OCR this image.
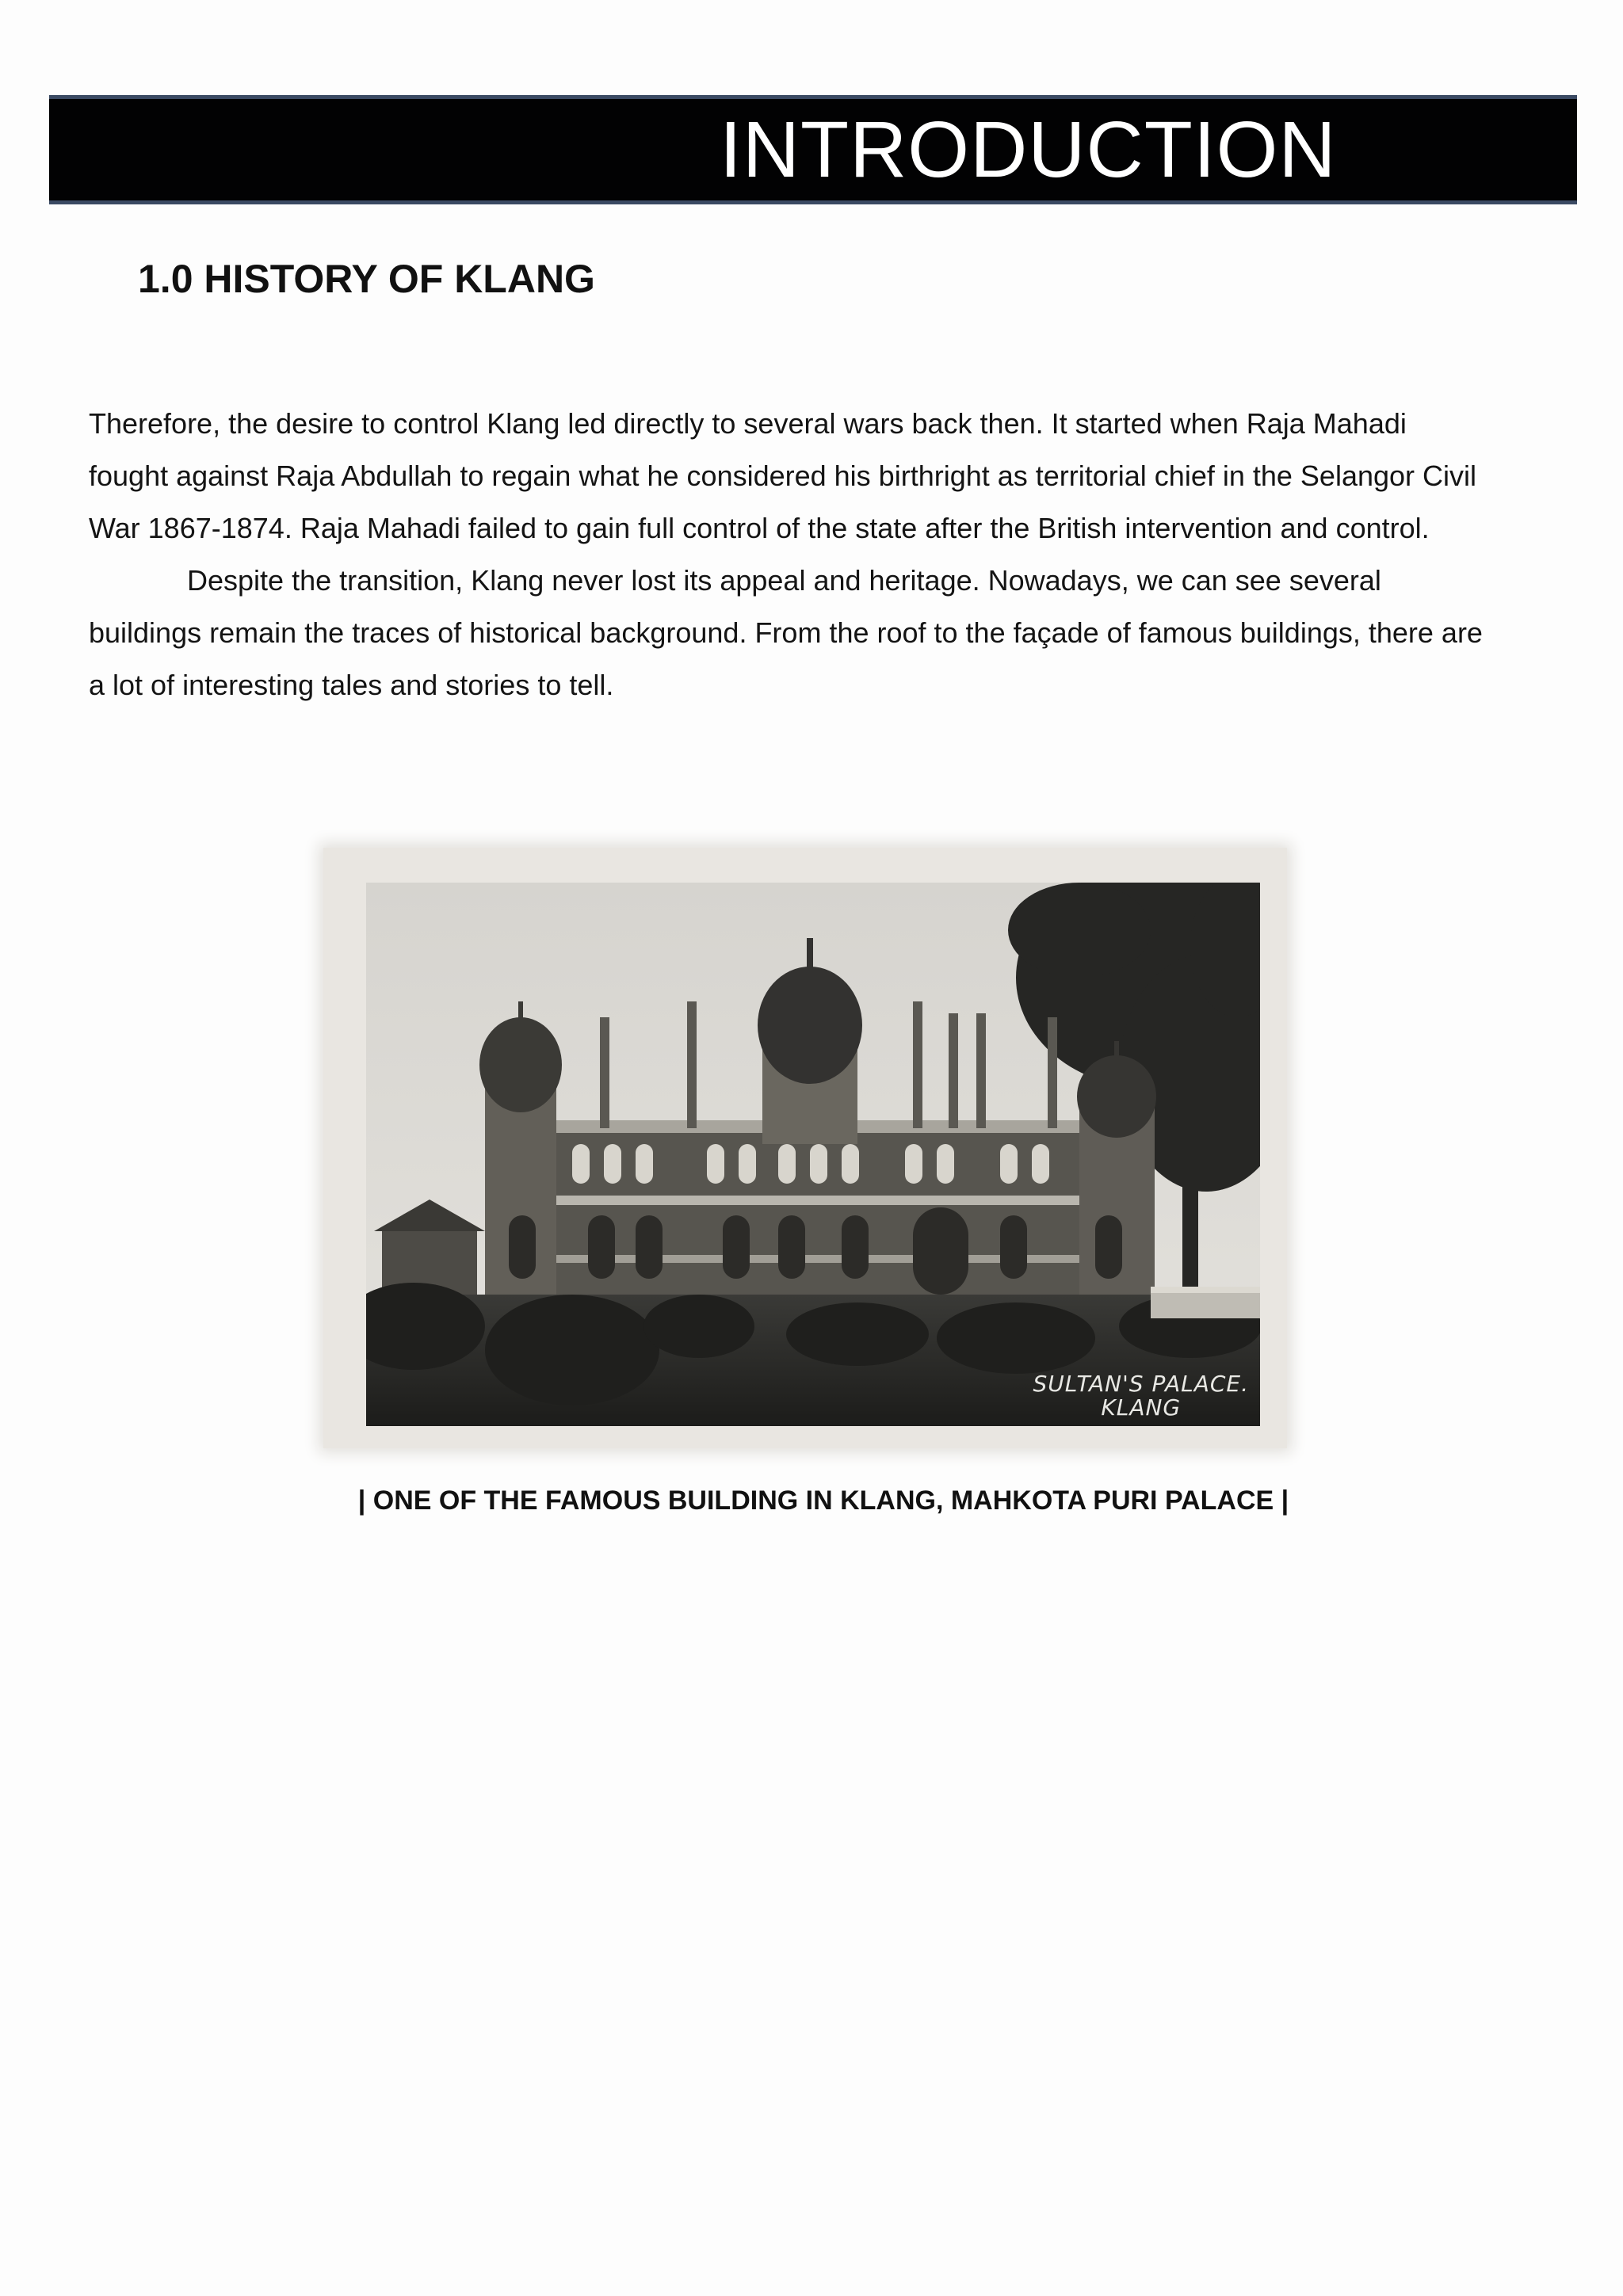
INTRODUCTION
1.0 HISTORY OF KLANG

Therefore, the desire to control Klang led directly to several wars back then. It started when Raja Mahadi fought against Raja Abdullah to regain what he considered his birthright as territorial chief in the Selangor Civil War 1867-1874. Raja Mahadi failed to gain full control of the state after the British intervention and control.

Despite the transition, Klang never lost its appeal and heritage. Nowadays, we can see several buildings remain the traces of historical background. From the roof to the façade of famous buildings, there are a lot of interesting tales and stories to tell.

SULTAN'S PALACE.
KLANG
| ONE OF THE FAMOUS BUILDING IN KLANG, MAHKOTA PURI PALACE |
